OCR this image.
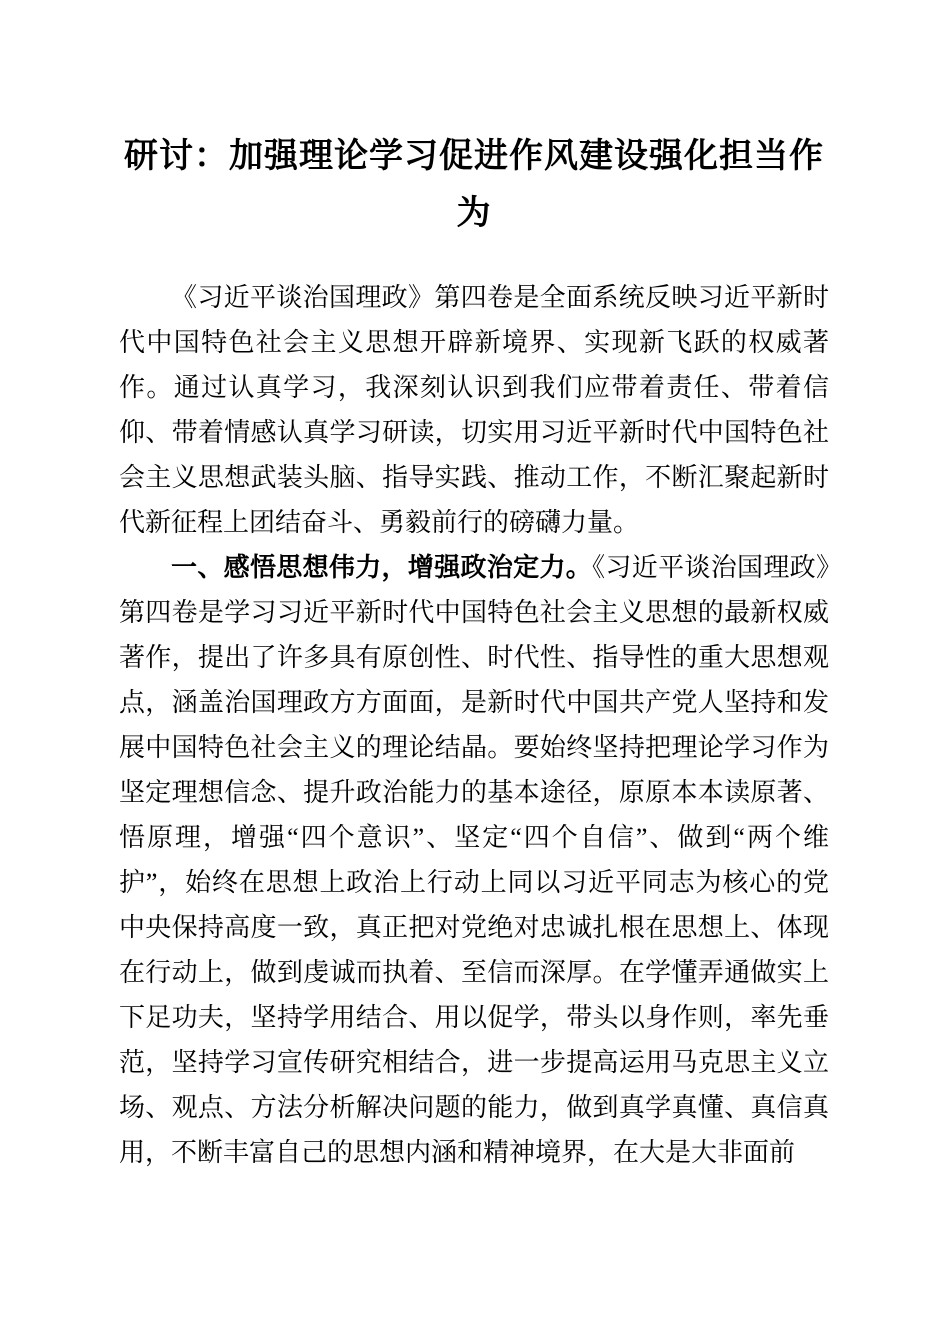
研讨：加强理论学习促进作风建设强化担当作为

《习近平谈治国理政》第四卷是全面系统反映习近平新时代中国特色社会主义思想开辟新境界、实现新飞跃的权威著作。通过认真学习，我深刻认识到我们应带着责任、带着信仰、带着情感认真学习研读，切实用习近平新时代中国特色社会主义思想武装头脑、指导实践、推动工作，不断汇聚起新时代新征程上团结奋斗、勇毅前行的磅礴力量。

一、感悟思想伟力，增强政治定力。《习近平谈治国理政》第四卷是学习习近平新时代中国特色社会主义思想的最新权威著作，提出了许多具有原创性、时代性、指导性的重大思想观点，涵盖治国理政方方面面，是新时代中国共产党人坚持和发展中国特色社会主义的理论结晶。要始终坚持把理论学习作为坚定理想信念、提升政治能力的基本途径，原原本本读原著、悟原理，增强“四个意识”、坚定“四个自信”、做到“两个维护”，始终在思想上政治上行动上同以习近平同志为核心的党中央保持高度一致，真正把对党绝对忠诚扎根在思想上、体现在行动上，做到虔诚而执着、至信而深厚。在学懂弄通做实上下足功夫，坚持学用结合、用以促学，带头以身作则，率先垂范，坚持学习宣传研究相结合，进一步提高运用马克思主义立场、观点、方法分析解决问题的能力，做到真学真懂、真信真用，不断丰富自己的思想内涵和精神境界，在大是大非面前
